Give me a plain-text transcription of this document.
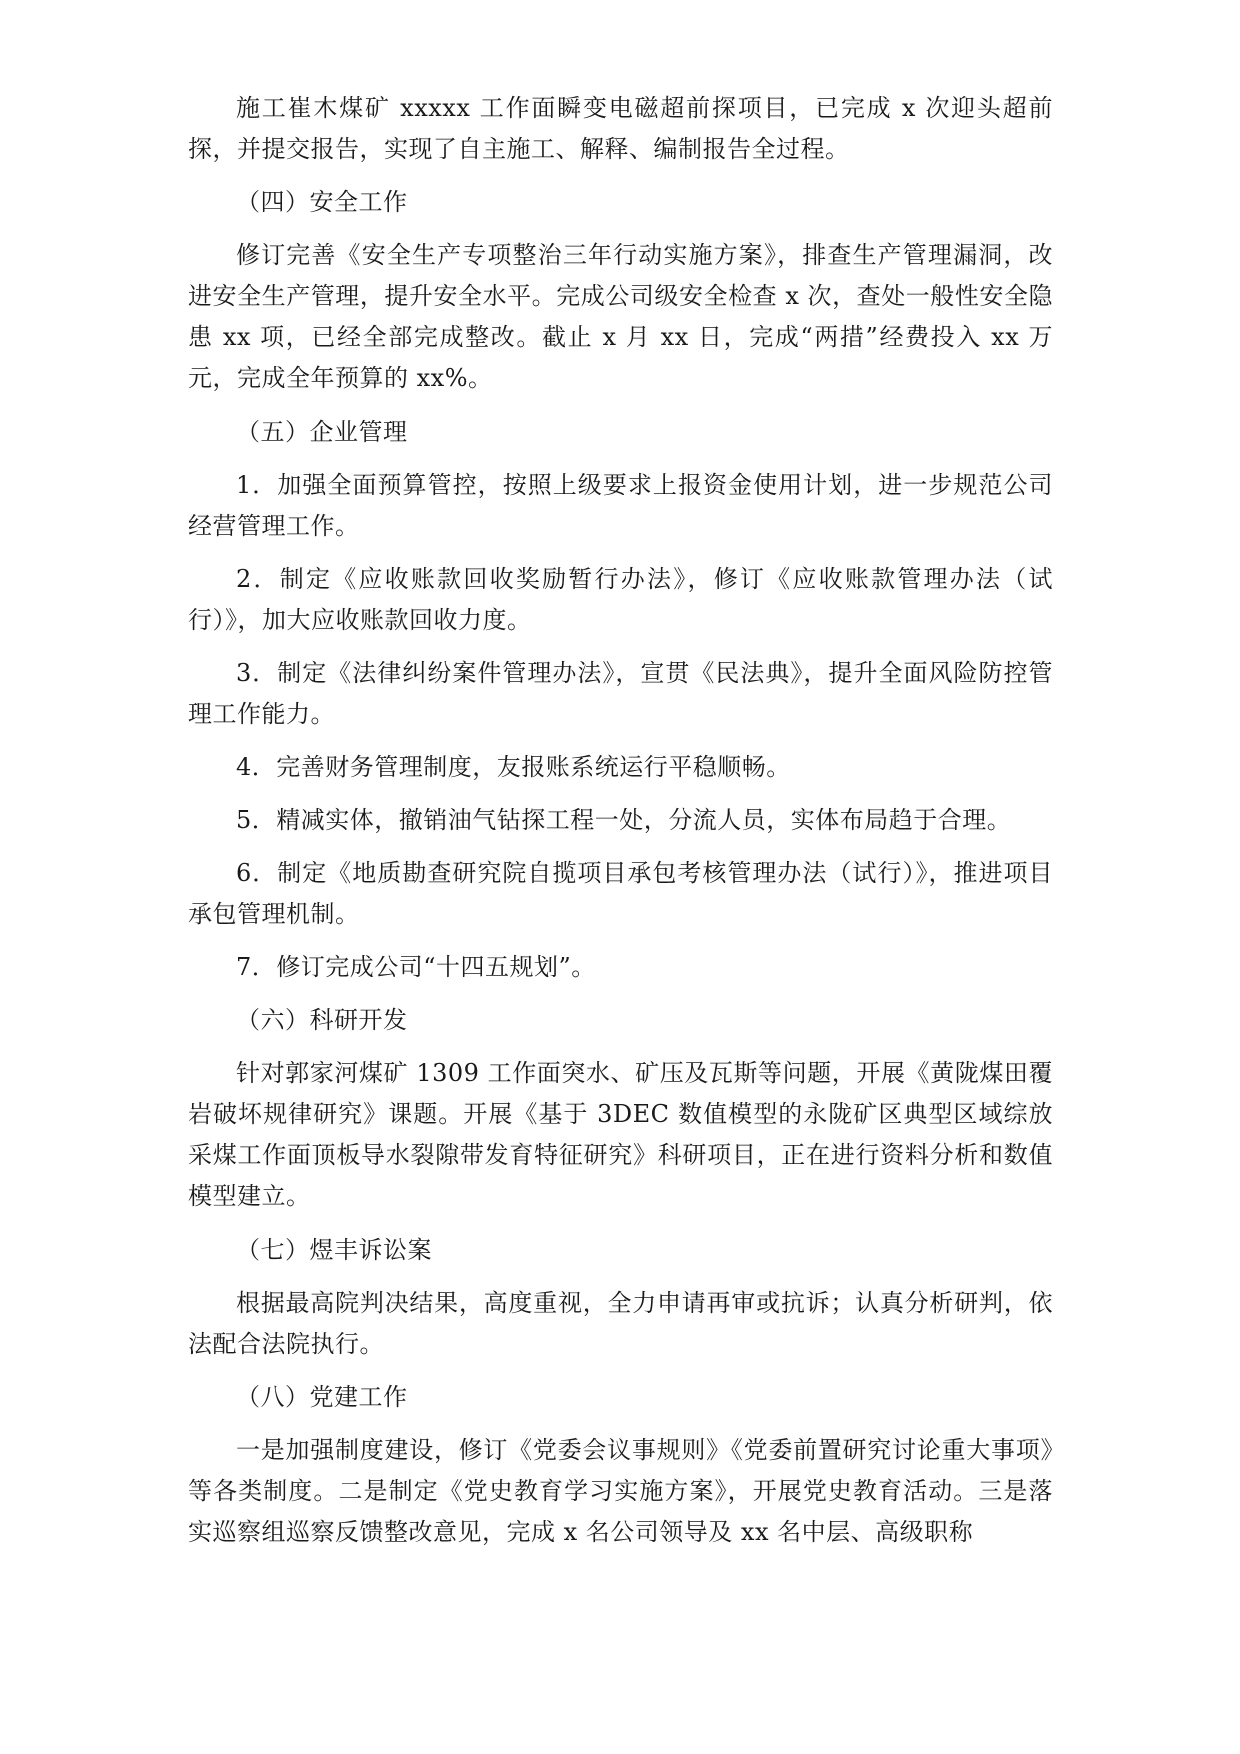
施工崔木煤矿 xxxxx 工作面瞬变电磁超前探项目，已完成 x 次迎头超前探，并提交报告，实现了自主施工、解释、编制报告全过程。

（四）安全工作

修订完善《安全生产专项整治三年行动实施方案》，排查生产管理漏洞，改进安全生产管理，提升安全水平。完成公司级安全检查 x 次，查处一般性安全隐患 xx 项，已经全部完成整改。截止 x 月 xx 日，完成“两措”经费投入 xx 万元，完成全年预算的 xx%。

（五）企业管理

1．加强全面预算管控，按照上级要求上报资金使用计划，进一步规范公司经营管理工作。

2．制定《应收账款回收奖励暂行办法》，修订《应收账款管理办法（试行）》，加大应收账款回收力度。

3．制定《法律纠纷案件管理办法》，宣贯《民法典》，提升全面风险防控管理工作能力。

4．完善财务管理制度，友报账系统运行平稳顺畅。

5．精减实体，撤销油气钻探工程一处，分流人员，实体布局趋于合理。

6．制定《地质勘查研究院自揽项目承包考核管理办法（试行）》，推进项目承包管理机制。

7．修订完成公司“十四五规划”。

（六）科研开发

针对郭家河煤矿 1309 工作面突水、矿压及瓦斯等问题，开展《黄陇煤田覆岩破坏规律研究》课题。开展《基于 3DEC 数值模型的永陇矿区典型区域综放采煤工作面顶板导水裂隙带发育特征研究》科研项目，正在进行资料分析和数值模型建立。

（七）煜丰诉讼案

根据最高院判决结果，高度重视，全力申请再审或抗诉；认真分析研判，依法配合法院执行。

（八）党建工作

一是加强制度建设，修订《党委会议事规则》《党委前置研究讨论重大事项》等各类制度。二是制定《党史教育学习实施方案》，开展党史教育活动。三是落实巡察组巡察反馈整改意见，完成 x 名公司领导及 xx 名中层、高级职称
